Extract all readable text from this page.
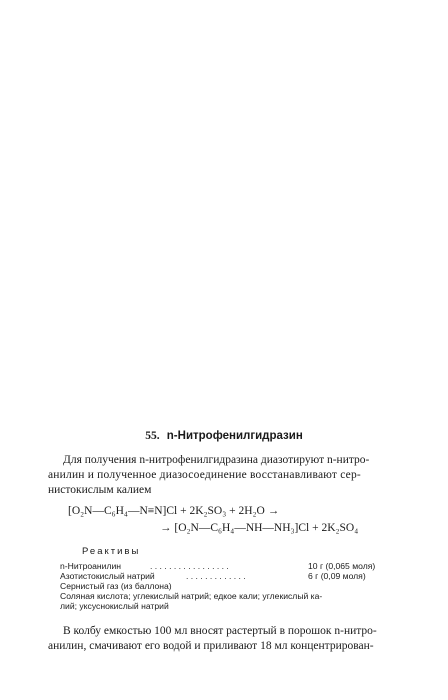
55. n-Нитрофенилгидразин
Для получения n-нитрофенилгидразина диазотируют n-нитро-
анилин и полученное диазосоединение восстанавливают сер-
нистокислым калием
[O₂N—C₆H₄—N≡N]Cl + 2K₂SO₃ + 2H₂O →
→ [O₂N—C₆H₄—NH—NH₃]Cl + 2K₂SO₄
Реактивы
n-Нитроанилин	. . . . . . . . . . . . . . . . .	10 г (0,065 моля)
Азотистокислый натрий	. . . . . . . . . . . . .	6 г (0,09 моля)
Сернистый газ (из баллона)
Соляная кислота; углекислый натрий; едкое кали; углекислый ка-
лий; уксуснокислый натрий
В колбу емкостью 100 мл вносят растертый в порошок n-нитро-
анилин, смачивают его водой и приливают 18 мл концентрирован-
